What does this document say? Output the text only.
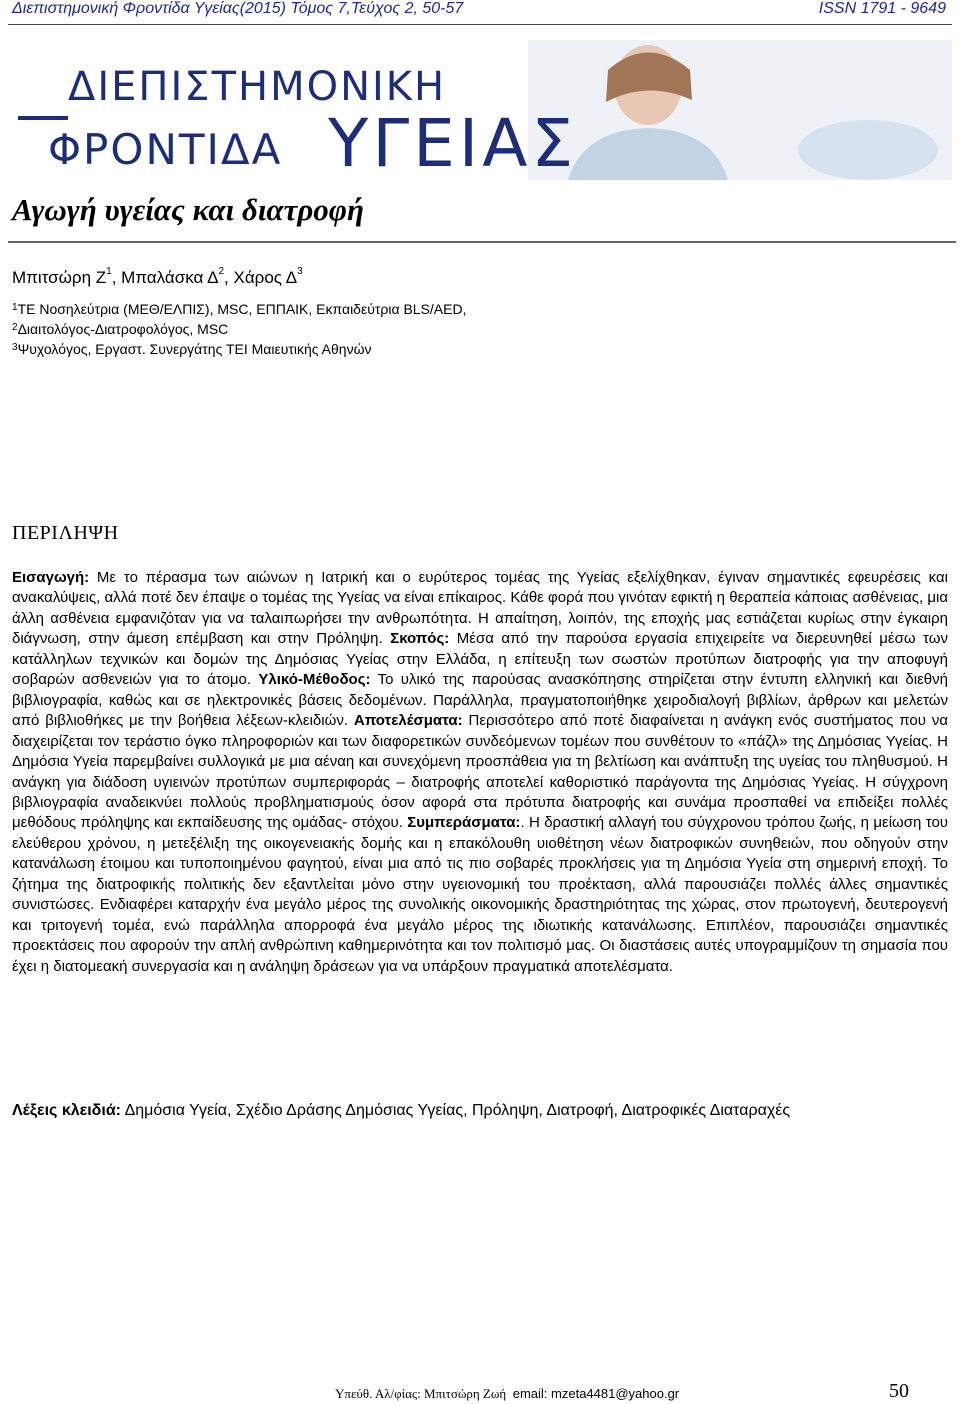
Διεπιστημονική Φροντίδα Υγείας(2015) Τόμος 7,Τεύχος 2, 50-57	ISSN 1791 - 9649
ΔΙΕΠΙΣΤΗΜΟΝΙΚΗ
ΦΡΟΝΤΙΔΑ ΥΓΕΙΑΣ
Αγωγή υγείας και διατροφή
Μπιτσώρη $Z^1$, Μπαλάσκα $\Delta^2$, Χάρος $\Delta^3$
$^1$ΤΕ Νοσηλεύτρια (ΜΕΘ/ΕΛΠΙΣ), MSC, ΕΠΠΑΙΚ, Εκπαιδεύτρια BLS/AED,
$^2$Διαιτολόγος-Διατροφολόγος, MSC
$^3$Ψυχολόγος, Εργαστ. Συνεργάτης ΤΕΙ Μαιευτικής Αθηνών
ΠΕΡΙΛΗΨΗ

Εισαγωγή: Με το πέρασμα των αιώνων η Ιατρική και ο ευρύτερος τομέας της Υγείας εξελίχθηκαν, έγιναν σημαντικές εφευρέσεις και ανακαλύψεις, αλλά ποτέ δεν έπαψε ο τομέας της Υγείας να είναι επίκαιρος. Κάθε φορά που γινόταν εφικτή η θεραπεία κάποιας ασθένειας, μια άλλη ασθένεια εμφανιζόταν για να ταλαιπωρήσει την ανθρωπότητα. Η απαίτηση, λοιπόν, της εποχής μας εστιάζεται κυρίως στην έγκαιρη διάγνωση, στην άμεση επέμβαση και στην Πρόληψη. Σκοπός: Μέσα από την παρούσα εργασία επιχειρείτε να διερευνηθεί μέσω των κατάλληλων τεχνικών και δομών της Δημόσιας Υγείας στην Ελλάδα, η επίτευξη των σωστών προτύπων διατροφής για την αποφυγή σοβαρών ασθενειών για το άτομο. Υλικό-Μέθοδος: Το υλικό της παρούσας ανασκόπησης στηρίζεται στην έντυπη ελληνική και διεθνή βιβλιογραφία, καθώς και σε ηλεκτρονικές βάσεις δεδομένων. Παράλληλα, πραγματοποιήθηκε χειροδιαλογή βιβλίων, άρθρων και μελετών από βιβλιοθήκες με την βοήθεια λέξεων-κλειδιών. Αποτελέσματα: Περισσότερο από ποτέ διαφαίνεται η ανάγκη ενός συστήματος που να διαχειρίζεται τον τεράστιο όγκο πληροφοριών και των διαφορετικών συνδεόμενων τομέων που συνθέτουν το «πάζλ» της Δημόσιας Υγείας. Η Δημόσια Υγεία παρεμβαίνει συλλογικά με μια αέναη και συνεχόμενη προσπάθεια για τη βελτίωση και ανάπτυξη της υγείας του πληθυσμού. Η ανάγκη για διάδοση υγιεινών προτύπων συμπεριφοράς – διατροφής αποτελεί καθοριστικό παράγοντα της Δημόσιας Υγείας. Η σύγχρονη βιβλιογραφία αναδεικνύει πολλούς προβληματισμούς όσον αφορά στα πρότυπα διατροφής και συνάμα προσπαθεί να επιδείξει πολλές μεθόδους πρόληψης και εκπαίδευσης της ομάδας- στόχου. Συμπεράσματα:. Η δραστική αλλαγή του σύγχρονου τρόπου ζωής, η μείωση του ελεύθερου χρόνου, η μετεξέλιξη της οικογενειακής δομής και η επακόλουθη υιοθέτηση νέων διατροφικών συνηθειών, που οδηγούν στην κατανάλωση έτοιμου και τυποποιημένου φαγητού, είναι μια από τις πιο σοβαρές προκλήσεις για τη Δημόσια Υγεία στη σημερινή εποχή. Το ζήτημα της διατροφικής πολιτικής δεν εξαντλείται μόνο στην υγειονομική του προέκταση, αλλά παρουσιάζει πολλές άλλες σημαντικές συνιστώσες. Ενδιαφέρει καταρχήν ένα μεγάλο μέρος της συνολικής οικονομικής δραστηριότητας της χώρας, στον πρωτογενή, δευτερογενή και τριτογενή τομέα, ενώ παράλληλα απορροφά ένα μεγάλο μέρος της ιδιωτικής κατανάλωσης. Επιπλέον, παρουσιάζει σημαντικές προεκτάσεις που αφορούν την απλή ανθρώπινη καθημερινότητα και τον πολιτισμό μας. Οι διαστάσεις αυτές υπογραμμίζουν τη σημασία που έχει η διατομεακή συνεργασία και η ανάληψη δράσεων για να υπάρξουν πραγματικά αποτελέσματα.

Λέξεις κλειδιά: Δημόσια Υγεία, Σχέδιο Δράσης Δημόσιας Υγείας, Πρόληψη, Διατροφή, Διατροφικές Διαταραχές
Υπεύθ. Αλ/φίας: Μπιτσώρη Ζωή email: mzeta4481@yahoo.gr	50
